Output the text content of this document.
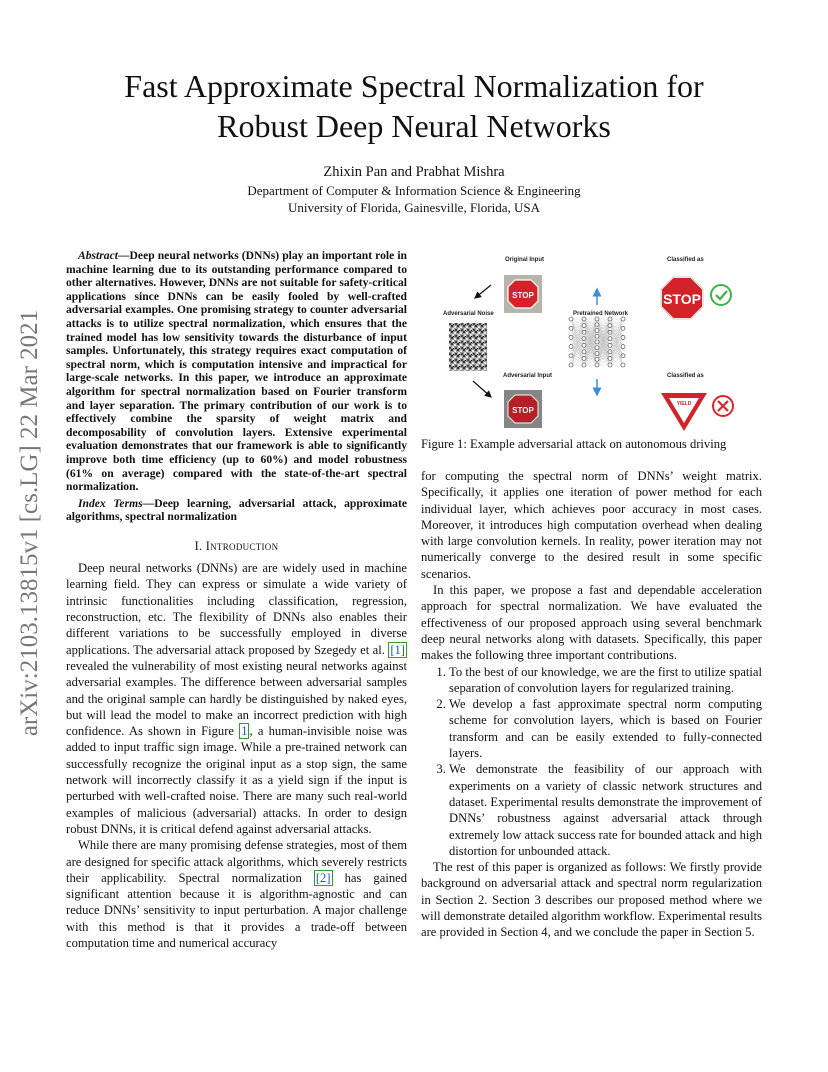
Fast Approximate Spectral Normalization for
Robust Deep Neural Networks
Zhixin Pan and Prabhat Mishra
Department of Computer & Information Science & Engineering
University of Florida, Gainesville, Florida, USA
arXiv:2103.13815v1 [cs.LG] 22 Mar 2021

Abstract—Deep neural networks (DNNs) play an important role in machine learning due to its outstanding performance compared to other alternatives. However, DNNs are not suitable for safety-critical applications since DNNs can be easily fooled by well-crafted adversarial examples. One promising strategy to counter adversarial attacks is to utilize spectral normalization, which ensures that the trained model has low sensitivity towards the disturbance of input samples. Unfortunately, this strategy requires exact computation of spectral norm, which is computation intensive and impractical for large-scale networks. In this paper, we introduce an approximate algorithm for spectral normalization based on Fourier transform and layer separation. The primary contribution of our work is to effectively combine the sparsity of weight matrix and decomposability of convolution layers. Extensive experimental evaluation demonstrates that our framework is able to significantly improve both time efficiency (up to 60%) and model robustness (61% on average) compared with the state-of-the-art spectral normalization.

Index Terms—Deep learning, adversarial attack, approximate algorithms, spectral normalization

I. Introduction

Deep neural networks (DNNs) are are widely used in machine learning field. They can express or simulate a wide variety of intrinsic functionalities including classification, regression, reconstruction, etc. The flexibility of DNNs also enables their different variations to be successfully employed in diverse applications. The adversarial attack proposed by Szegedy et al. [1] revealed the vulnerability of most existing neural networks against adversarial examples. The difference between adversarial samples and the original sample can hardly be distinguished by naked eyes, but will lead the model to make an incorrect prediction with high confidence. As shown in Figure 1 , a human-invisible noise was added to input traffic sign image. While a pre-trained network can successfully recognize the original input as a stop sign, the same network will incorrectly classify it as a yield sign if the input is perturbed with well-crafted noise. There are many such real-world examples of malicious (adversarial) attacks. In order to design robust DNNs, it is critical defend against adversarial attacks.

While there are many promising defense strategies, most of them are designed for specific attack algorithms, which severely restricts their applicability. Spectral normalization [2] has gained significant attention because it is algorithm-agnostic and can reduce DNNs’ sensitivity to input perturbation. A major challenge with this method is that it provides a trade-off between computation time and numerical accuracy

STOP
STOP
STOP
YIELD
Original Input	Classified as
Adversarial Noise	Pretrained Network
Adversarial Input	Classified as
Figure 1: Example adversarial attack on autonomous driving

for computing the spectral norm of DNNs’ weight matrix. Specifically, it applies one iteration of power method for each individual layer, which achieves poor accuracy in most cases. Moreover, it introduces high computation overhead when dealing with large convolution kernels. In reality, power iteration may not numerically converge to the desired result in some specific scenarios.

In this paper, we propose a fast and dependable acceleration approach for spectral normalization. We have evaluated the effectiveness of our proposed approach using several benchmark deep neural networks along with datasets. Specifically, this paper makes the following three important contributions.

1. To the best of our knowledge, we are the first to utilize spatial separation of convolution layers for regularized training.
2. We develop a fast approximate spectral norm computing scheme for convolution layers, which is based on Fourier transform and can be easily extended to fully-connected layers.
3. We demonstrate the feasibility of our approach with experiments on a variety of classic network structures and dataset. Experimental results demonstrate the improvement of DNNs’ robustness against adversarial attack through extremely low attack success rate for bounded attack and high distortion for unbounded attack.

The rest of this paper is organized as follows: We firstly provide background on adversarial attack and spectral norm regularization in Section 2. Section 3 describes our proposed method where we will demonstrate detailed algorithm workflow. Experimental results are provided in Section 4, and we conclude the paper in Section 5.
